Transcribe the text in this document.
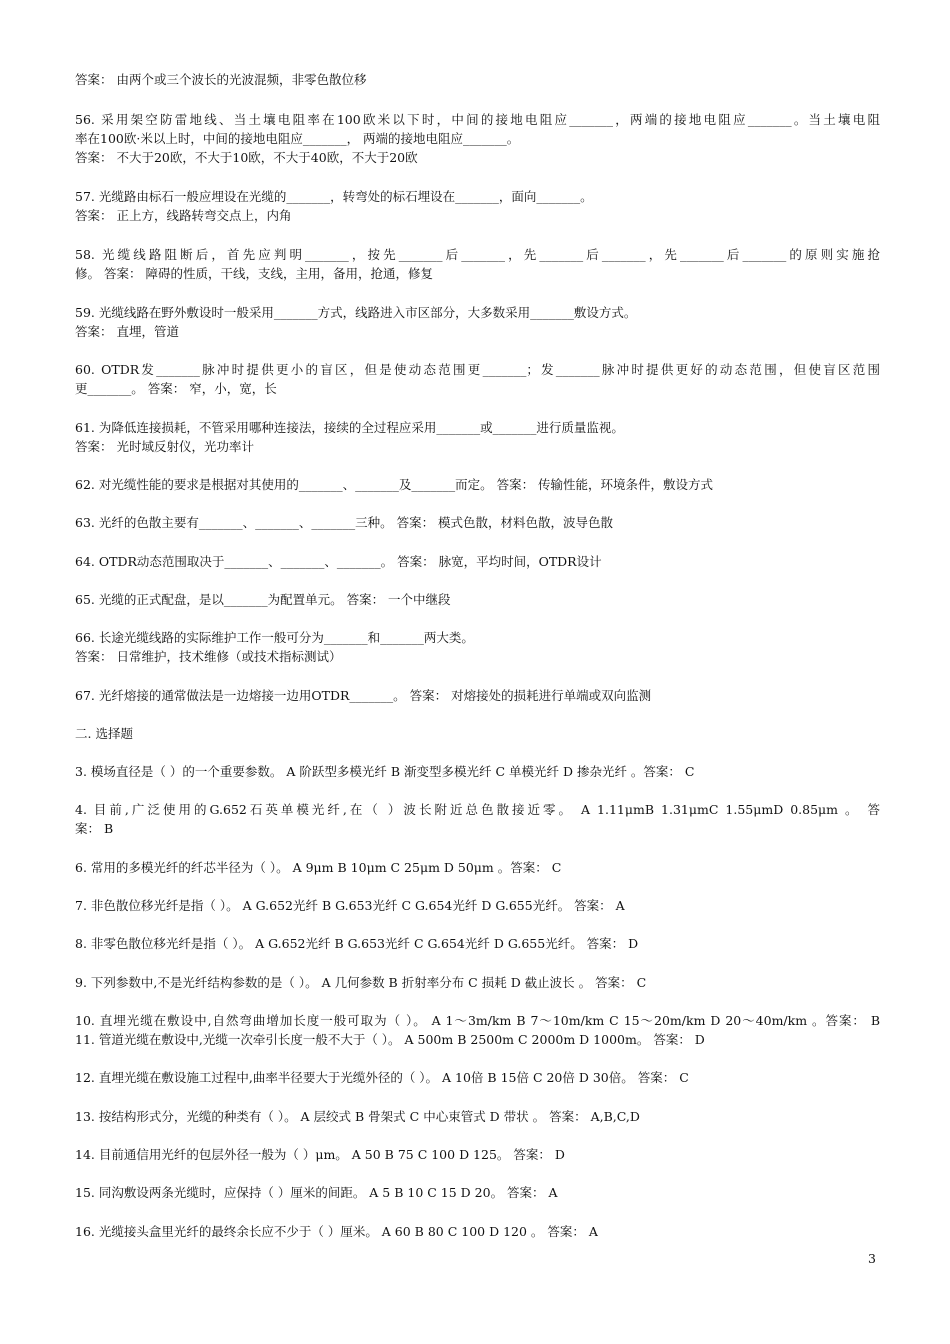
答案： 由两个或三个波长的光波混频，非零色散位移
56. 采用架空防雷地线、当土壤电阻率在100欧米以下时，中间的接地电阻应_______，两端的接地电阻应_______。当土壤电阻
率在100欧·米以上时，中间的接地电阻应_______， 两端的接地电阻应_______。
答案： 不大于20欧，不大于10欧，不大于40欧，不大于20欧
57. 光缆路由标石一般应埋设在光缆的_______，转弯处的标石埋设在_______，面向_______。
答案： 正上方，线路转弯交点上，内角
58. 光缆线路阻断后，首先应判明_______，按先_______后_______，先_______后_______，先_______后_______的原则实施抢
修。 答案： 障碍的性质，干线，支线，主用，备用，抢通，修复
59. 光缆线路在野外敷设时一般采用_______方式，线路进入市区部分，大多数采用_______敷设方式。
答案： 直埋，管道
60. OTDR发_______脉冲时提供更小的盲区，但是使动态范围更_______；发_______脉冲时提供更好的动态范围，但使盲区范围
更_______。 答案： 窄，小，宽，长
61. 为降低连接损耗，不管采用哪种连接法，接续的全过程应采用_______或_______进行质量监视。
答案： 光时域反射仪，光功率计
62. 对光缆性能的要求是根据对其使用的_______、_______及_______而定。 答案： 传输性能，环境条件，敷设方式
63. 光纤的色散主要有_______、_______、_______三种。 答案： 模式色散，材料色散，波导色散
64. OTDR动态范围取决于_______、_______、_______。 答案： 脉宽，平均时间，OTDR设计
65. 光缆的正式配盘，是以_______为配置单元。 答案： 一个中继段
66. 长途光缆线路的实际维护工作一般可分为_______和_______两大类。
答案： 日常维护，技术维修（或技术指标测试）
67. 光纤熔接的通常做法是一边熔接一边用OTDR_______。 答案： 对熔接处的损耗进行单端或双向监测
二. 选择题
3. 模场直径是（ ）的一个重要参数。 A 阶跃型多模光纤 B 渐变型多模光纤 C 单模光纤 D 掺杂光纤 。答案： C
4. 目前,广泛使用的G.652石英单模光纤,在（ ）波长附近总色散接近零。 A 1.11μmB 1.31μmC 1.55μmD 0.85μm 。 答
案： B
6. 常用的多模光纤的纤芯半径为（ ）。 A 9μm B 10μm C 25μm D 50μm 。答案： C
7. 非色散位移光纤是指（ ）。 A G.652光纤 B G.653光纤 C G.654光纤 D G.655光纤。 答案： A
8. 非零色散位移光纤是指（ ）。 A G.652光纤 B G.653光纤 C G.654光纤 D G.655光纤。 答案： D
9. 下列参数中,不是光纤结构参数的是（ ）。 A 几何参数 B 折射率分布 C 损耗 D 截止波长 。 答案： C
10. 直埋光缆在敷设中,自然弯曲增加长度一般可取为（ ）。 A 1～3m/km B 7～10m/km C 15～20m/km D 20～40m/km 。答案： B
11. 管道光缆在敷设中,光缆一次牵引长度一般不大于（ ）。 A 500m B 2500m C 2000m D 1000m。 答案： D
12. 直埋光缆在敷设施工过程中,曲率半径要大于光缆外径的（ ）。 A 10倍 B 15倍 C 20倍 D 30倍。 答案： C
13. 按结构形式分，光缆的种类有（ ）。 A 层绞式 B 骨架式 C 中心束管式 D 带状 。 答案： A,B,C,D
14. 目前通信用光纤的包层外径一般为（ ）μm。 A 50 B 75 C 100 D 125。 答案： D
15. 同沟敷设两条光缆时，应保持（ ）厘米的间距。 A 5 B 10 C 15 D 20。 答案： A
16. 光缆接头盒里光纤的最终余长应不少于（ ）厘米。 A 60 B 80 C 100 D 120 。 答案： A
3
